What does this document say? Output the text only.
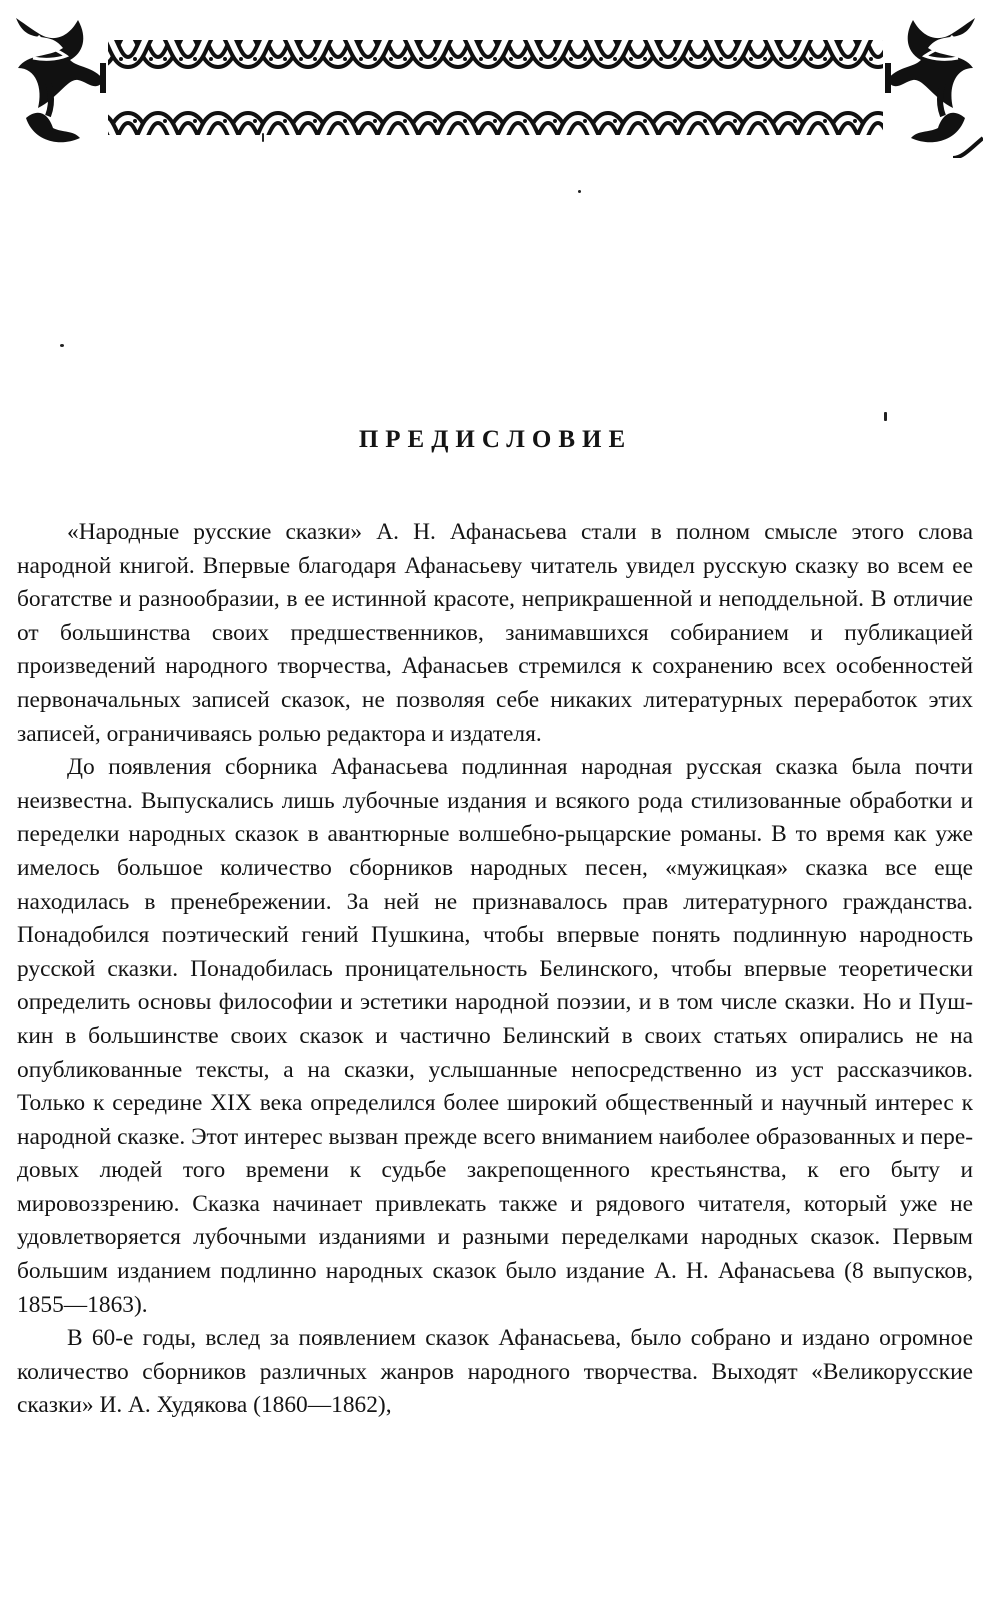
ПРЕДИСЛОВИЕ

«Народные русские сказки» А. Н. Афанасьева стали в полном смысле этого слова народной книгой. Впервые благодаря Афанасьеву читатель увидел русскую сказку во всем ее богатстве и разнообразии, в ее истинной красоте, неприкрашенной и неподдельной. В отличие от большинства своих предшественников, занимавшихся собиранием и публикацией произведений народного творчества, Афанасьев стремился к сохранению всех особенностей первоначальных записей сказок, не позволяя себе никаких литературных переработок этих записей, ограничиваясь ролью редактора и издателя.

До появления сборника Афанасьева подлинная народная русская сказка была почти неизвестна. Выпускались лишь лубочные издания и всякого рода стилизованные обработки и переделки народных сказок в авантюрные волшебно-рыцарские романы. В то время как уже имелось большое количество сборников народных песен, «мужицкая» сказка все еще находилась в пренебрежении. За ней не признавалось прав литературного гражданства. Понадобился поэтический гений Пушкина, чтобы впервые понять подлинную народность русской сказки. Понадобилась проницательность Белинского, чтобы впервые теоретически определить основы философии и эстетики народной поэзии, и в том числе сказки. Но и Пушкин в большинстве своих сказок и частично Белинский в своих статьях опирались не на опубликованные тексты, а на сказки, услышанные непосредственно из уст рассказчиков. Только к середине XIX века определился более широкий общественный и научный интерес к народной сказке. Этот интерес вызван прежде всего вниманием наиболее образованных и передовых людей того времени к судьбе закрепощенного крестьянства, к его быту и мировоззрению. Сказка начинает привлекать также и рядового читателя, который уже не удовлетворяется лубочными изданиями и разными переделками народных сказок. Первым большим изданием подлинно народных сказок было издание А. Н. Афанасьева (8 выпусков, 1855—1863).

В 60-е годы, вслед за появлением сказок Афанасьева, было собрано и издано огромное количество сборников различных жанров народного творчества. Выходят «Великорусские сказки» И. А. Худякова (1860—1862),
